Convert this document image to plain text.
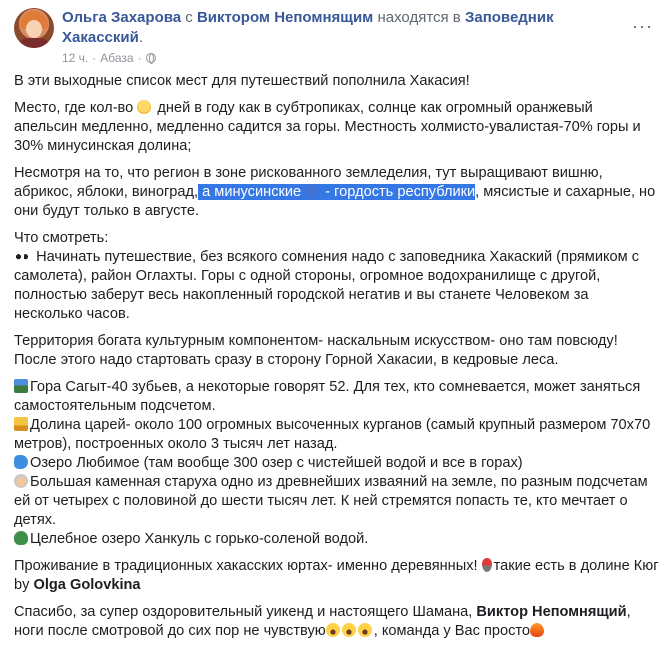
Ольга Захарова с Виктором Непомнящим находятся в Заповедник Хакасский.
12 ч. · Абаза ·
···

В эти выходные список мест для путешествий пополнила Хакасия!

Место, где кол-во дней в году как в субтропиках, солнце как огромный оранжевый апельсин медленно, медленно садится за горы. Местность холмисто-увалистая-70% горы и 30% минусинская долина;

Несмотря на то, что регион в зоне рискованного земледелия, тут выращивают вишню, абрикос, яблоки, виноград, а минусинские  - гордость республики, мясистые и сахарные, но они будут только в августе.

Что смотреть:
Начинать путешествие, без всякого сомнения надо с заповедника Хакаский (прямиком с самолета), район Оглахты. Горы с одной стороны, огромное водохранилище с другой, полностью заберут весь накопленный городской негатив и вы станете Человеком за несколько часов.

Территория богата культурным компонентом- наскальным искусством- оно там повсюду! После этого надо стартовать сразу в сторону Горной Хакасии, в кедровые леса.

Гора Сагыт-40 зубьев, а некоторые говорят 52. Для тех, кто сомневается, может заняться самостоятельным подсчетом.
Долина царей- около 100 огромных высоченных курганов (самый крупный размером 70х70 метров), построенных около 3 тысяч лет назад.
Озеро Любимое (там вообще 300 озер с чистейшей водой и все в горах)
Большая каменная старуха одно из древнейших изваяний на земле, по разным подсчетам ей от четырех с половиной до шести тысяч лет. К ней стремятся попасть те, кто мечтает о детях.
Целебное озеро Ханкуль с горько-соленой водой.

Проживание в традиционных хакасских юртах- именно деревянных! такие есть в долине Кюг by Olga Golovkina

Спасибо, за супер оздоровительный уикенд и настоящего Шамана, Виктор Непомнящий, ноги после смотровой до сих пор не чувствую	, команда у Вас просто
